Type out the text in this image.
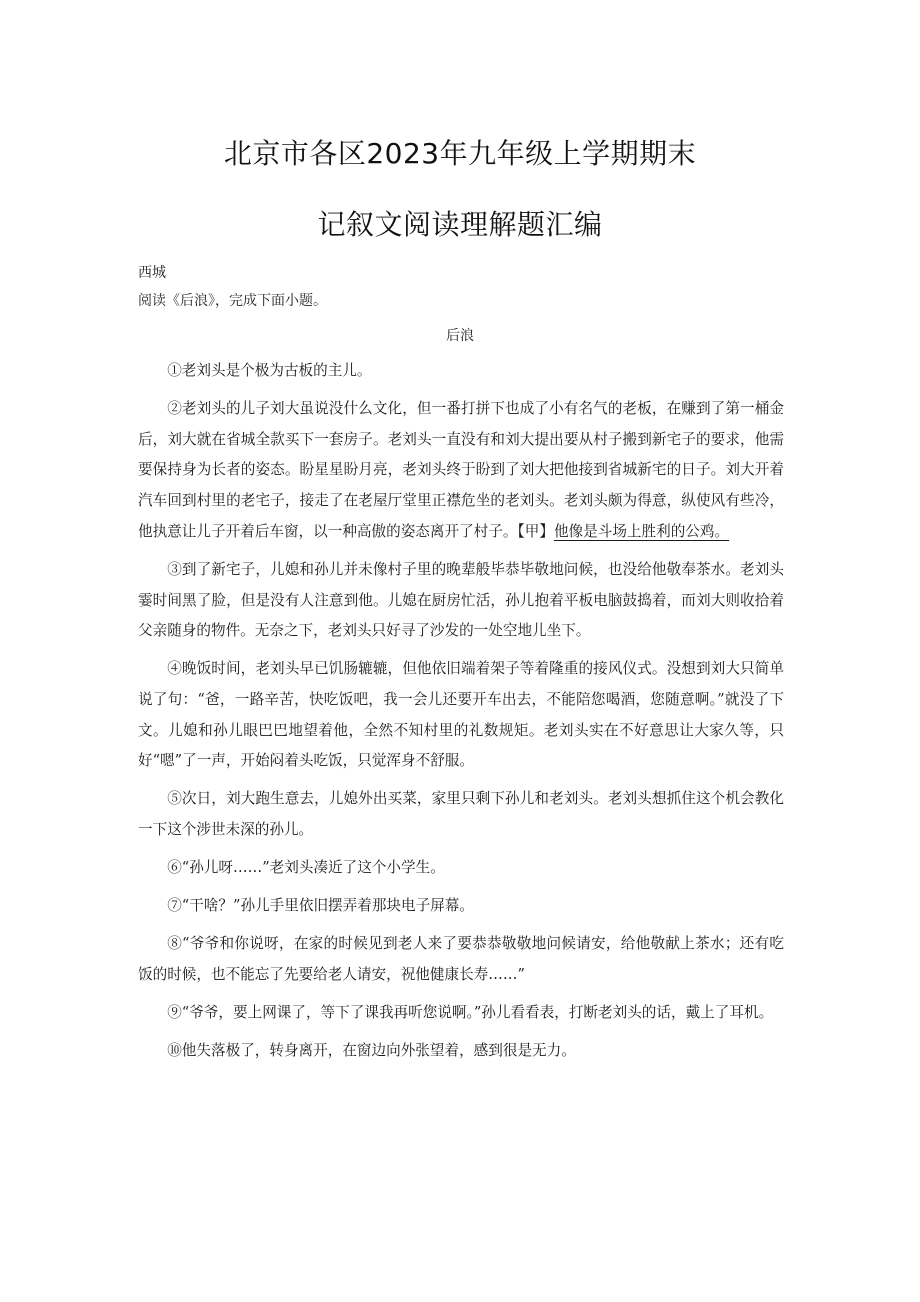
北京市各区2023年九年级上学期期末
记叙文阅读理解题汇编
西城
阅读《后浪》，完成下面小题。
后浪

①老刘头是个极为古板的主儿。

②老刘头的儿子刘大虽说没什么文化，但一番打拼下也成了小有名气的老板，在赚到了第一桶金后，刘大就在省城全款买下一套房子。老刘头一直没有和刘大提出要从村子搬到新宅子的要求，他需要保持身为长者的姿态。盼星星盼月亮，老刘头终于盼到了刘大把他接到省城新宅的日子。刘大开着汽车回到村里的老宅子，接走了在老屋厅堂里正襟危坐的老刘头。老刘头颇为得意，纵使风有些冷，他执意让儿子开着后车窗，以一种高傲的姿态离开了村子。【甲】他像是斗场上胜利的公鸡。

③到了新宅子，儿媳和孙儿并未像村子里的晚辈般毕恭毕敬地问候，也没给他敬奉茶水。老刘头霎时间黑了脸，但是没有人注意到他。儿媳在厨房忙活，孙儿抱着平板电脑鼓捣着，而刘大则收拾着父亲随身的物件。无奈之下，老刘头只好寻了沙发的一处空地儿坐下。

④晚饭时间，老刘头早已饥肠辘辘，但他依旧端着架子等着隆重的接风仪式。没想到刘大只简单说了句：“爸，一路辛苦，快吃饭吧，我一会儿还要开车出去，不能陪您喝酒，您随意啊。”就没了下文。儿媳和孙儿眼巴巴地望着他，全然不知村里的礼数规矩。老刘头实在不好意思让大家久等，只好“嗯”了一声，开始闷着头吃饭，只觉浑身不舒服。

⑤次日，刘大跑生意去，儿媳外出买菜，家里只剩下孙儿和老刘头。老刘头想抓住这个机会教化一下这个涉世未深的孙儿。

⑥“孙儿呀……”老刘头凑近了这个小学生。

⑦“干啥？”孙儿手里依旧摆弄着那块电子屏幕。

⑧“爷爷和你说呀，在家的时候见到老人来了要恭恭敬敬地问候请安，给他敬献上茶水；还有吃饭的时候，也不能忘了先要给老人请安，祝他健康长寿……”

⑨“爷爷，要上网课了，等下了课我再听您说啊。”孙儿看看表，打断老刘头的话，戴上了耳机。

⑩他失落极了，转身离开，在窗边向外张望着，感到很是无力。
